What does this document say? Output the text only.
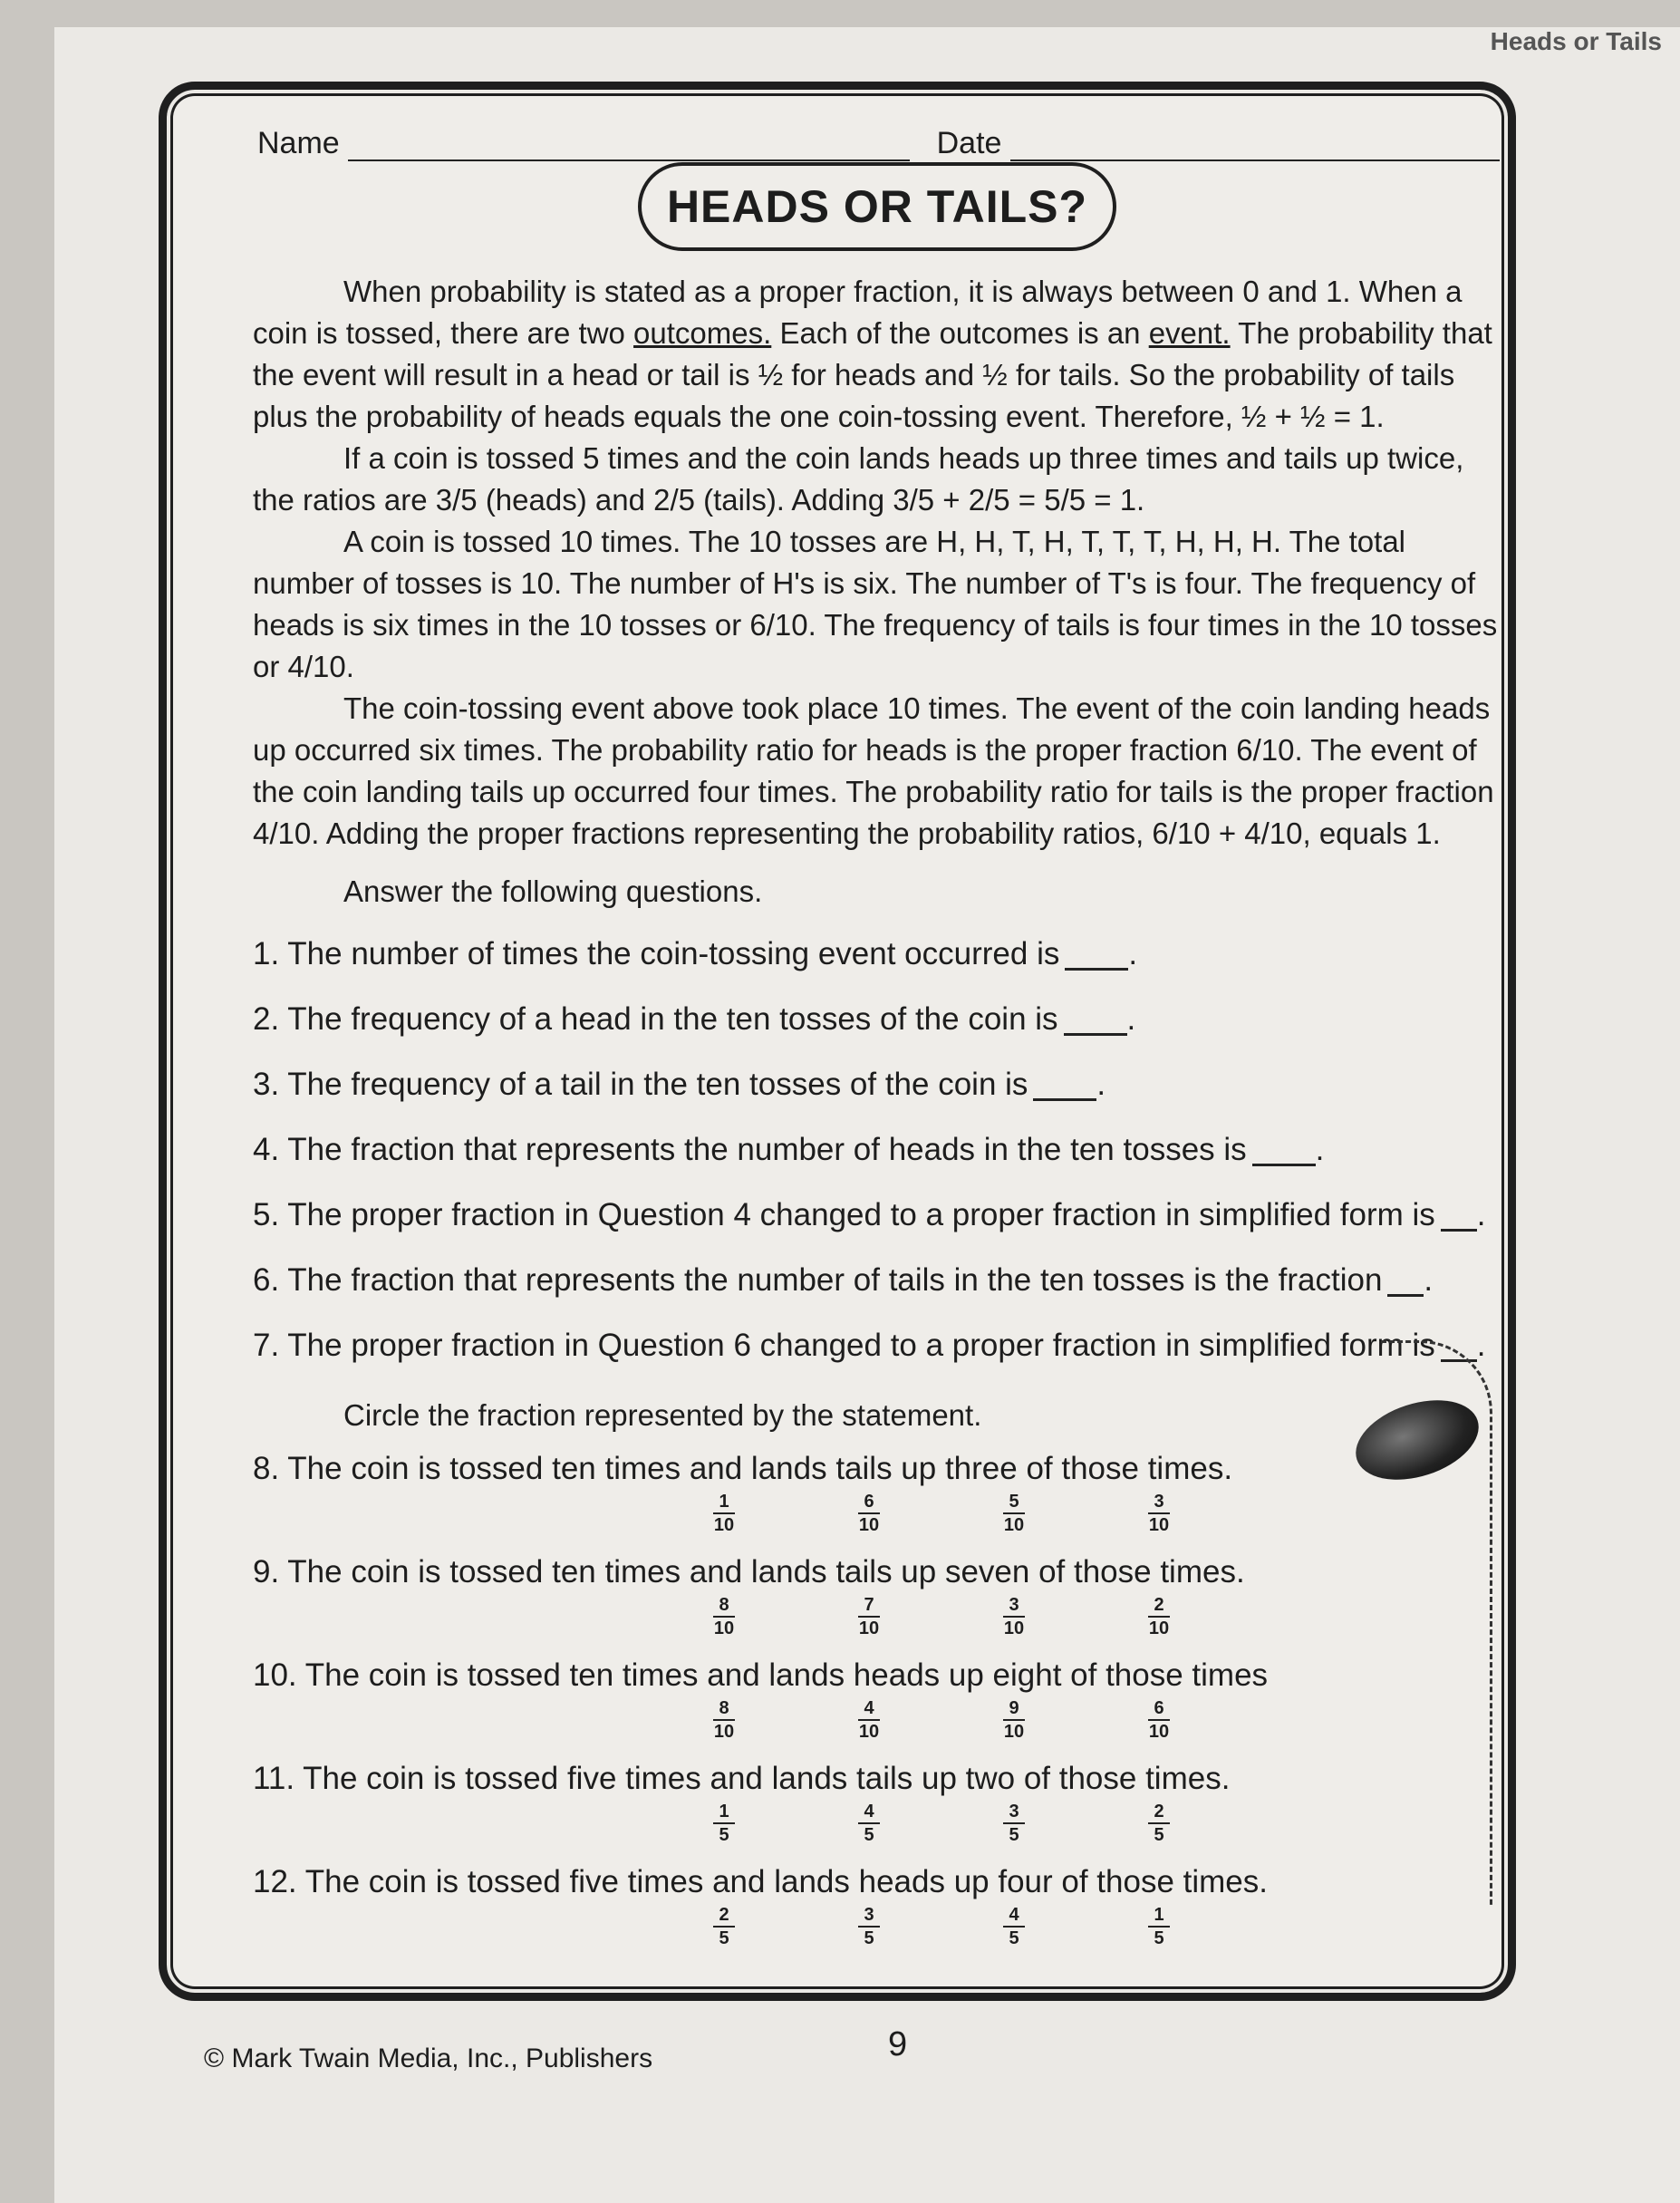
Heads or Tails
Name	Date
HEADS OR TAILS?

When probability is stated as a proper fraction, it is always between 0 and 1. When a coin is tossed, there are two outcomes. Each of the outcomes is an event. The probability that the event will result in a head or tail is ½ for heads and ½ for tails. So the probability of tails plus the probability of heads equals the one coin-tossing event. Therefore, ½ + ½ = 1.

If a coin is tossed 5 times and the coin lands heads up three times and tails up twice, the ratios are 3/5 (heads) and 2/5 (tails). Adding 3/5 + 2/5 = 5/5 = 1.

A coin is tossed 10 times. The 10 tosses are H, H, T, H, T, T, T, H, H, H. The total number of tosses is 10. The number of H's is six. The number of T's is four. The frequency of heads is six times in the 10 tosses or 6/10. The frequency of tails is four times in the 10 tosses or 4/10.

The coin-tossing event above took place 10 times. The event of the coin landing heads up occurred six times. The probability ratio for heads is the proper fraction 6/10. The event of the coin landing tails up occurred four times. The probability ratio for tails is the proper fraction 4/10. Adding the proper fractions representing the probability ratios, 6/10 + 4/10, equals 1.

Answer the following questions.
1. The number of times the coin-tossing event occurred is .
2. The frequency of a head in the ten tosses of the coin is .
3. The frequency of a tail in the ten tosses of the coin is .
4. The fraction that represents the number of heads in the ten tosses is .
5. The proper fraction in Question 4 changed to a proper fraction in simplified form is .
6. The fraction that represents the number of tails in the ten tosses is the fraction .
7. The proper fraction in Question 6 changed to a proper fraction in simplified form is .
Circle the fraction represented by the statement.
8. The coin is tossed ten times and lands tails up three of those times.
$\frac{1}{10} \frac{6}{10} \frac{5}{10} \frac{3}{10}$
9. The coin is tossed ten times and lands tails up seven of those times.
$\frac{8}{10} \frac{7}{10} \frac{3}{10} \frac{2}{10}$
10. The coin is tossed ten times and lands heads up eight of those times
$\frac{8}{10} \frac{4}{10} \frac{9}{10} \frac{6}{10}$
11. The coin is tossed five times and lands tails up two of those times.
$\frac{1}{5} \frac{4}{5} \frac{3}{5} \frac{2}{5}$
12. The coin is tossed five times and lands heads up four of those times.
$\frac{2}{5} \frac{3}{5} \frac{4}{5} \frac{1}{5}$
© Mark Twain Media, Inc., Publishers	9
